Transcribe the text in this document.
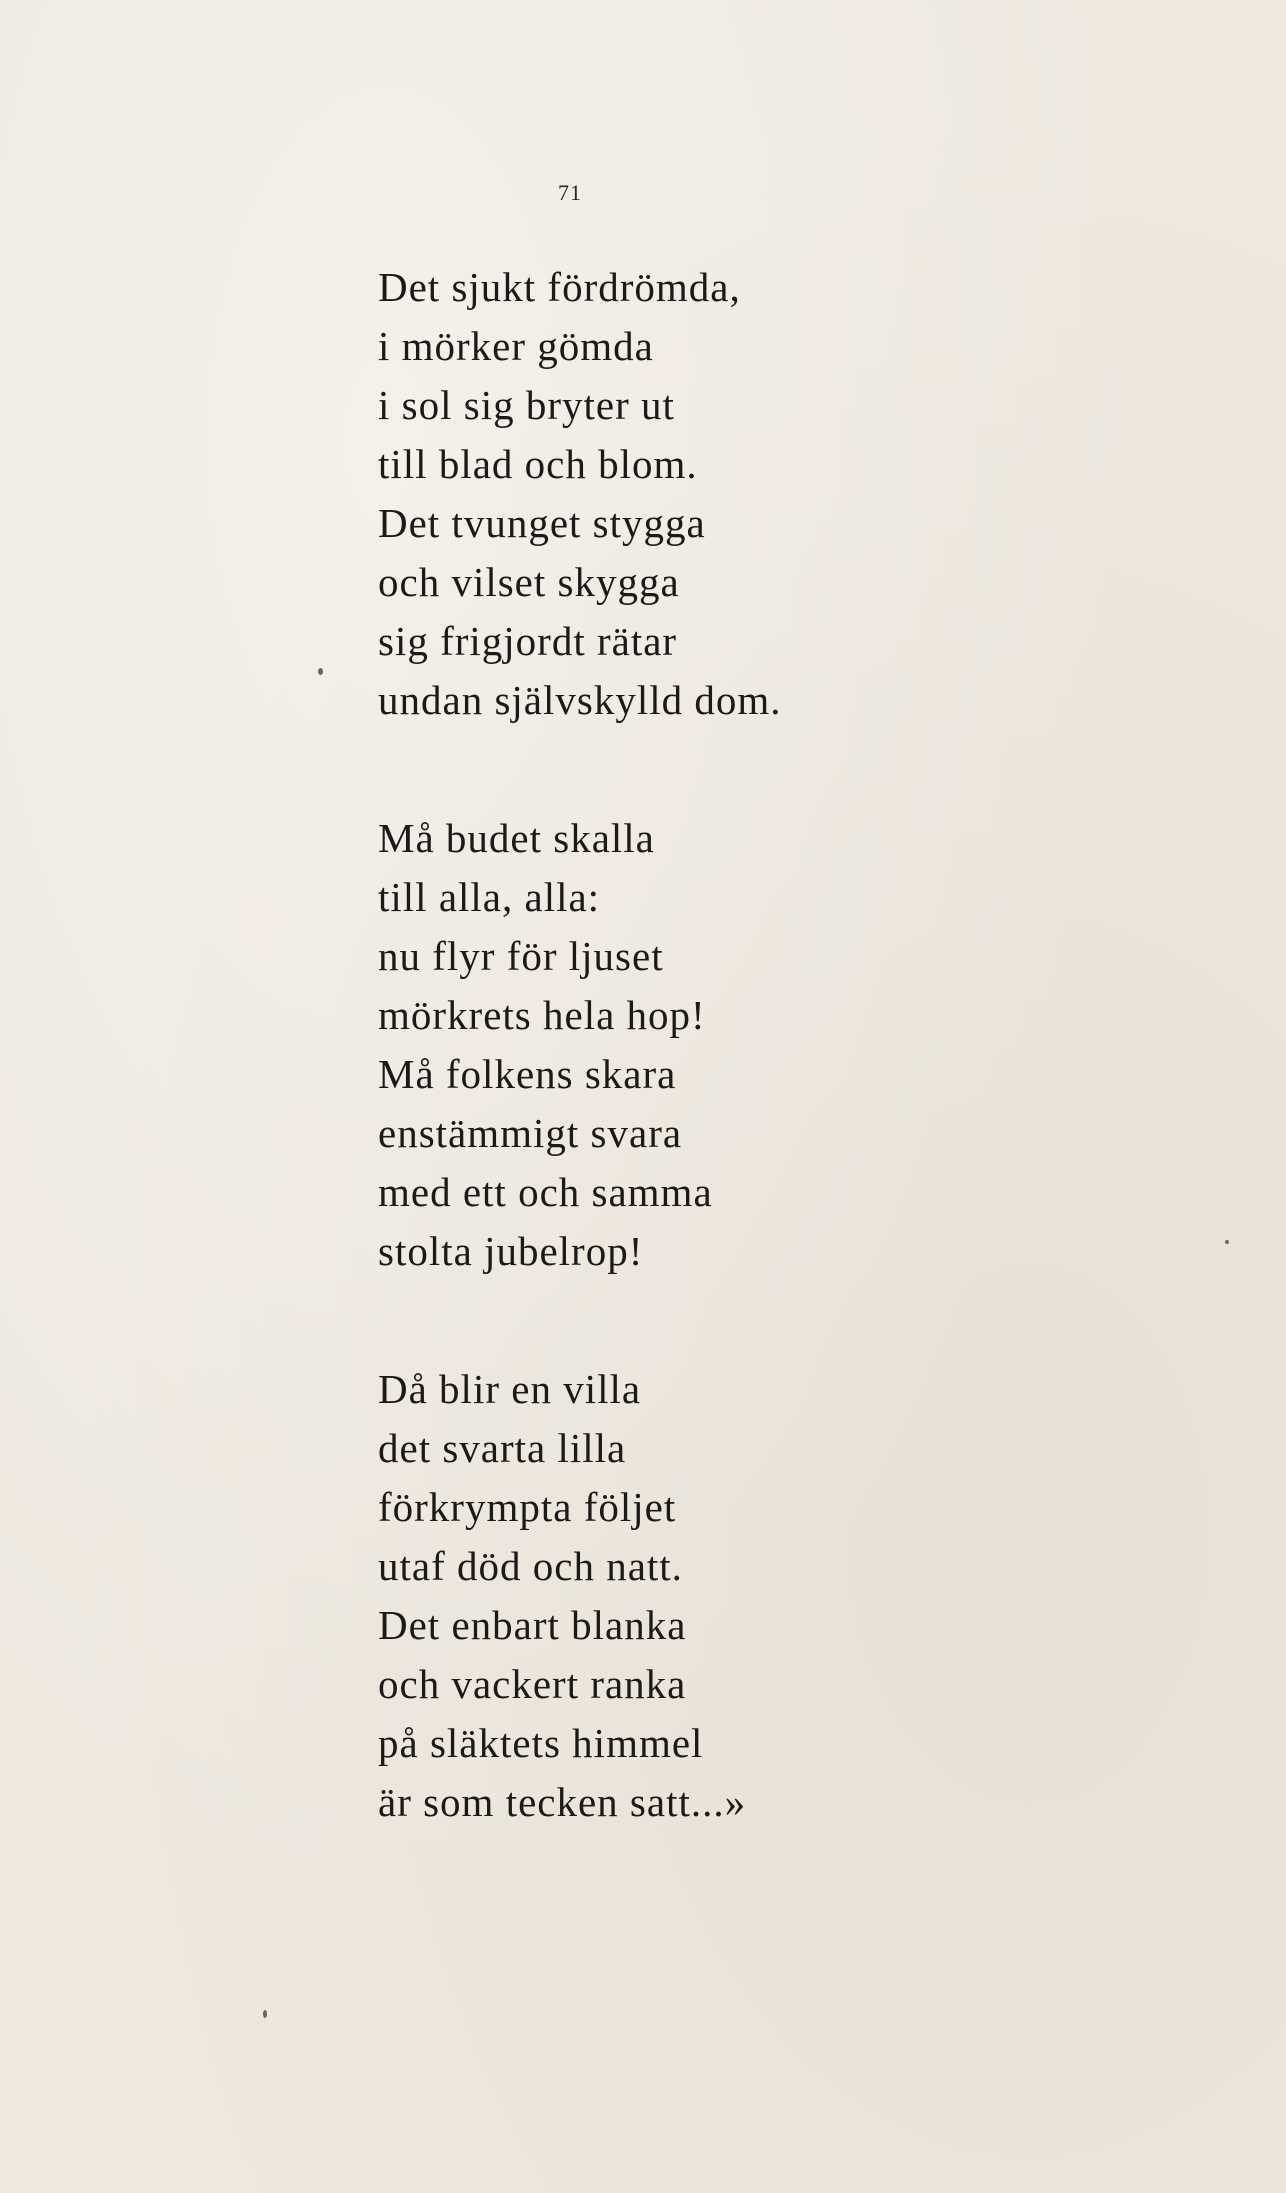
71
Det sjukt fördrömda,
i mörker gömda
i sol sig bryter ut
till blad och blom.
Det tvunget stygga
och vilset skygga
sig frigjordt rätar
undan självskylld dom.
Må budet skalla
till alla, alla:
nu flyr för ljuset
mörkrets hela hop!
Må folkens skara
enstämmigt svara
med ett och samma
stolta jubelrop!
Då blir en villa
det svarta lilla
förkrympta följet
utaf död och natt.
Det enbart blanka
och vackert ranka
på släktets himmel
är som tecken satt...»
